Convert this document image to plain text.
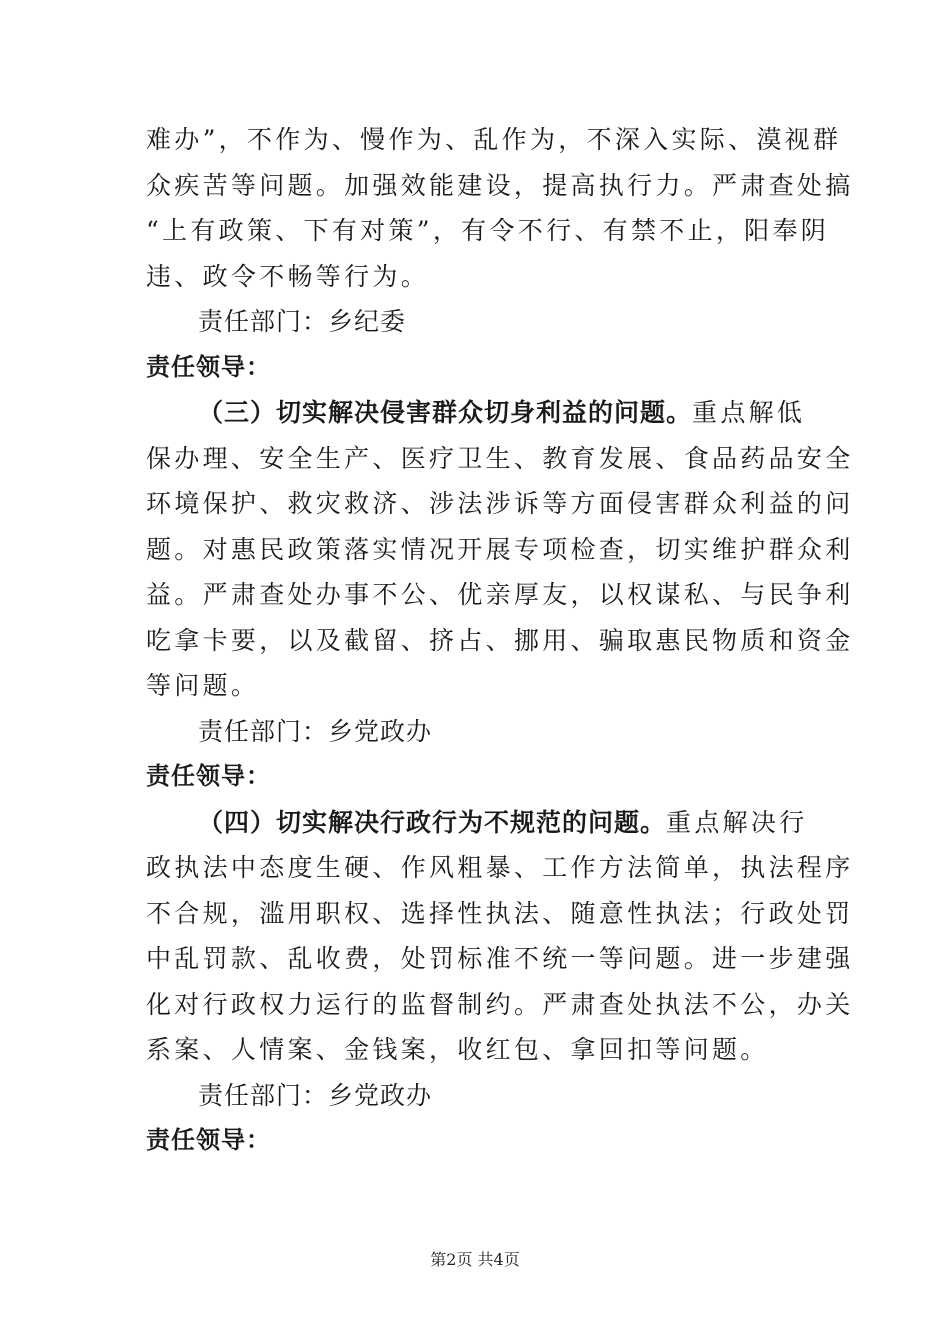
难办”，不作为、慢作为、乱作为，不深入实际、漠视群
众疾苦等问题。加强效能建设，提高执行力。严肃查处搞
“上有政策、下有对策”，有令不行、有禁不止，阳奉阴
违、政令不畅等行为。

责任部门：乡纪委

责任领导：

（三）切实解决侵害群众切身利益的问题。重点解低
保办理、安全生产、医疗卫生、教育发展、食品药品安全
环境保护、救灾救济、涉法涉诉等方面侵害群众利益的问
题。对惠民政策落实情况开展专项检查，切实维护群众利
益。严肃查处办事不公、优亲厚友，以权谋私、与民争利
吃拿卡要，以及截留、挤占、挪用、骗取惠民物质和资金
等问题。

责任部门：乡党政办

责任领导：

（四）切实解决行政行为不规范的问题。重点解决行
政执法中态度生硬、作风粗暴、工作方法简单，执法程序
不合规，滥用职权、选择性执法、随意性执法；行政处罚
中乱罚款、乱收费，处罚标准不统一等问题。进一步建强
化对行政权力运行的监督制约。严肃查处执法不公，办关
系案、人情案、金钱案，收红包、拿回扣等问题。

责任部门：乡党政办

责任领导：

第2页 共4页
